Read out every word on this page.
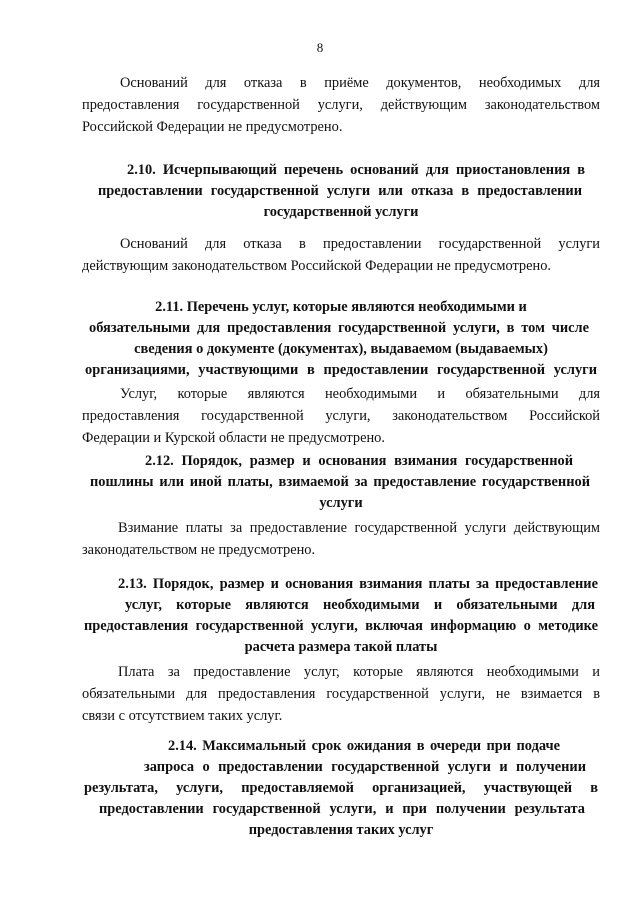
8
Оснований для отказа в приёме документов, необходимых для
предоставления государственной услуги, действующим законодательством
Российской Федерации не предусмотрено.
2.10. Исчерпывающий перечень оснований для приостановления в
предоставлении государственной услуги или отказа в предоставлении
государственной услуги
Оснований для отказа в предоставлении государственной услуги
действующим законодательством Российской Федерации не предусмотрено.
2.11. Перечень услуг, которые являются необходимыми и
обязательными для предоставления государственной услуги, в том числе
сведения о документе (документах), выдаваемом (выдаваемых)
организациями, участвующими в предоставлении государственной услуги
Услуг, которые являются необходимыми и обязательными для
предоставления государственной услуги, законодательством Российской
Федерации и Курской области не предусмотрено.
2.12. Порядок, размер и основания взимания государственной
пошлины или иной платы, взимаемой за предоставление государственной
услуги
Взимание платы за предоставление государственной услуги действующим
законодательством не предусмотрено.
2.13. Порядок, размер и основания взимания платы за предоставление
услуг, которые являются необходимыми и обязательными для
предоставления государственной услуги, включая информацию о методике
расчета размера такой платы
Плата за предоставление услуг, которые являются необходимыми и
обязательными для предоставления государственной услуги, не взимается в
связи с отсутствием таких услуг.
2.14. Максимальный срок ожидания в очереди при подаче
запроса о предоставлении государственной услуги и получении
результата, услуги, предоставляемой организацией, участвующей в
предоставлении государственной услуги, и при получении результата
предоставления таких услуг
